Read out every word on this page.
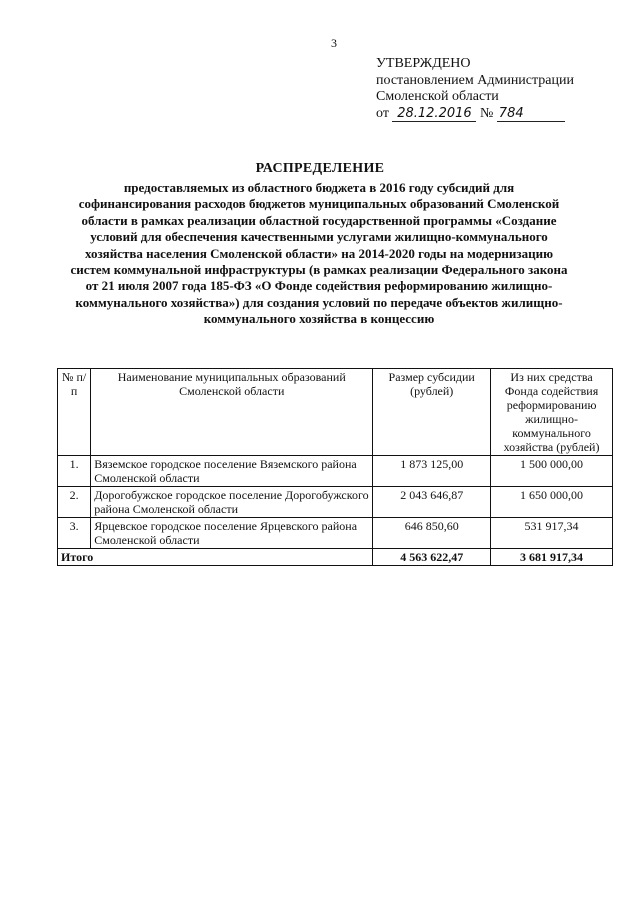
3
УТВЕРЖДЕНО
постановлением Администрации
Смоленской области
от 28.12.2016 № 784
РАСПРЕДЕЛЕНИЕ
предоставляемых из областного бюджета в 2016 году субсидий для софинансирования расходов бюджетов муниципальных образований Смоленской области в рамках реализации областной государственной программы «Создание условий для обеспечения качественными услугами жилищно-коммунального хозяйства населения Смоленской области» на 2014-2020 годы на модернизацию систем коммунальной инфраструктуры (в рамках реализации Федерального закона от 21 июля 2007 года 185-ФЗ «О Фонде содействия реформированию жилищно-коммунального хозяйства») для создания условий по передаче объектов жилищно-коммунального хозяйства в концессию
№ п/п	Наименование муниципальных образований Смоленской области	Размер субсидии (рублей)	Из них средства Фонда содействия реформированию жилищно-коммунального хозяйства (рублей)
1.	Вяземское городское поселение Вяземского района Смоленской области	1 873 125,00	1 500 000,00
2.	Дорогобужское городское поселение Дорогобужского района Смоленской области	2 043 646,87	1 650 000,00
3.	Ярцевское городское поселение Ярцевского района Смоленской области	646 850,60	531 917,34
Итого		4 563 622,47	3 681 917,34
